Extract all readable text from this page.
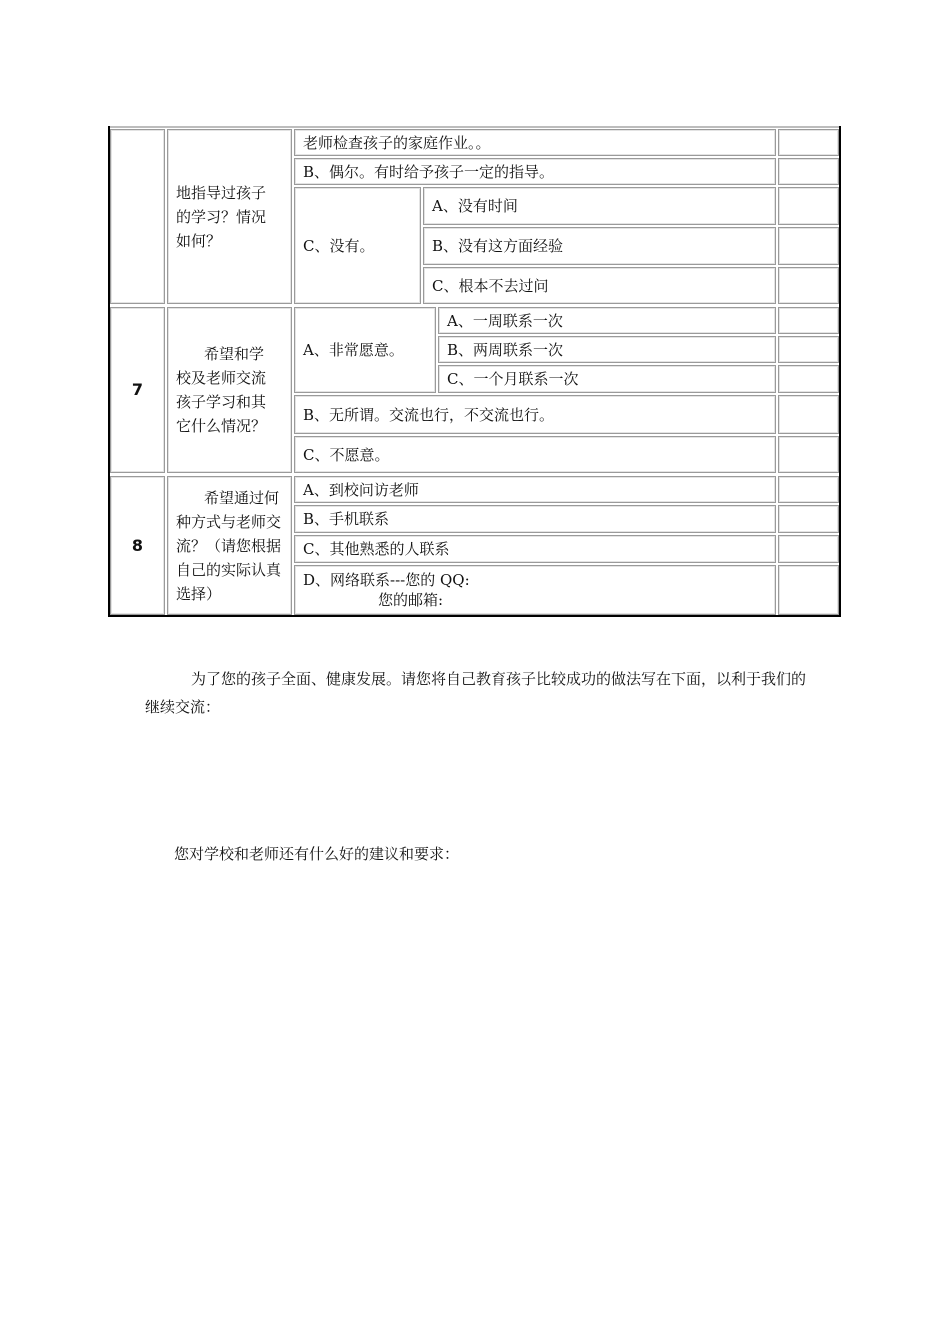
地指导过孩子的学习？情况如何？
老师检查孩子的家庭作业。。
B、偶尔。有时给予孩子一定的指导。
C、没有。
A、没有时间
B、没有这方面经验
C、根本不去过问
7
希望和学校及老师交流孩子学习和其它什么情况？
A、非常愿意。
A、一周联系一次
B、两周联系一次
C、一个月联系一次
B、无所谓。交流也行，不交流也行。
C、不愿意。
8
希望通过何种方式与老师交流？（请您根据自己的实际认真选择）
A、到校问访老师
B、手机联系
C、其他熟悉的人联系
D、网络联系---您的 QQ:
您的邮箱:
为了您的孩子全面、健康发展。请您将自己教育孩子比较成功的做法写在下面，以利于我们的继续交流：
您对学校和老师还有什么好的建议和要求：
